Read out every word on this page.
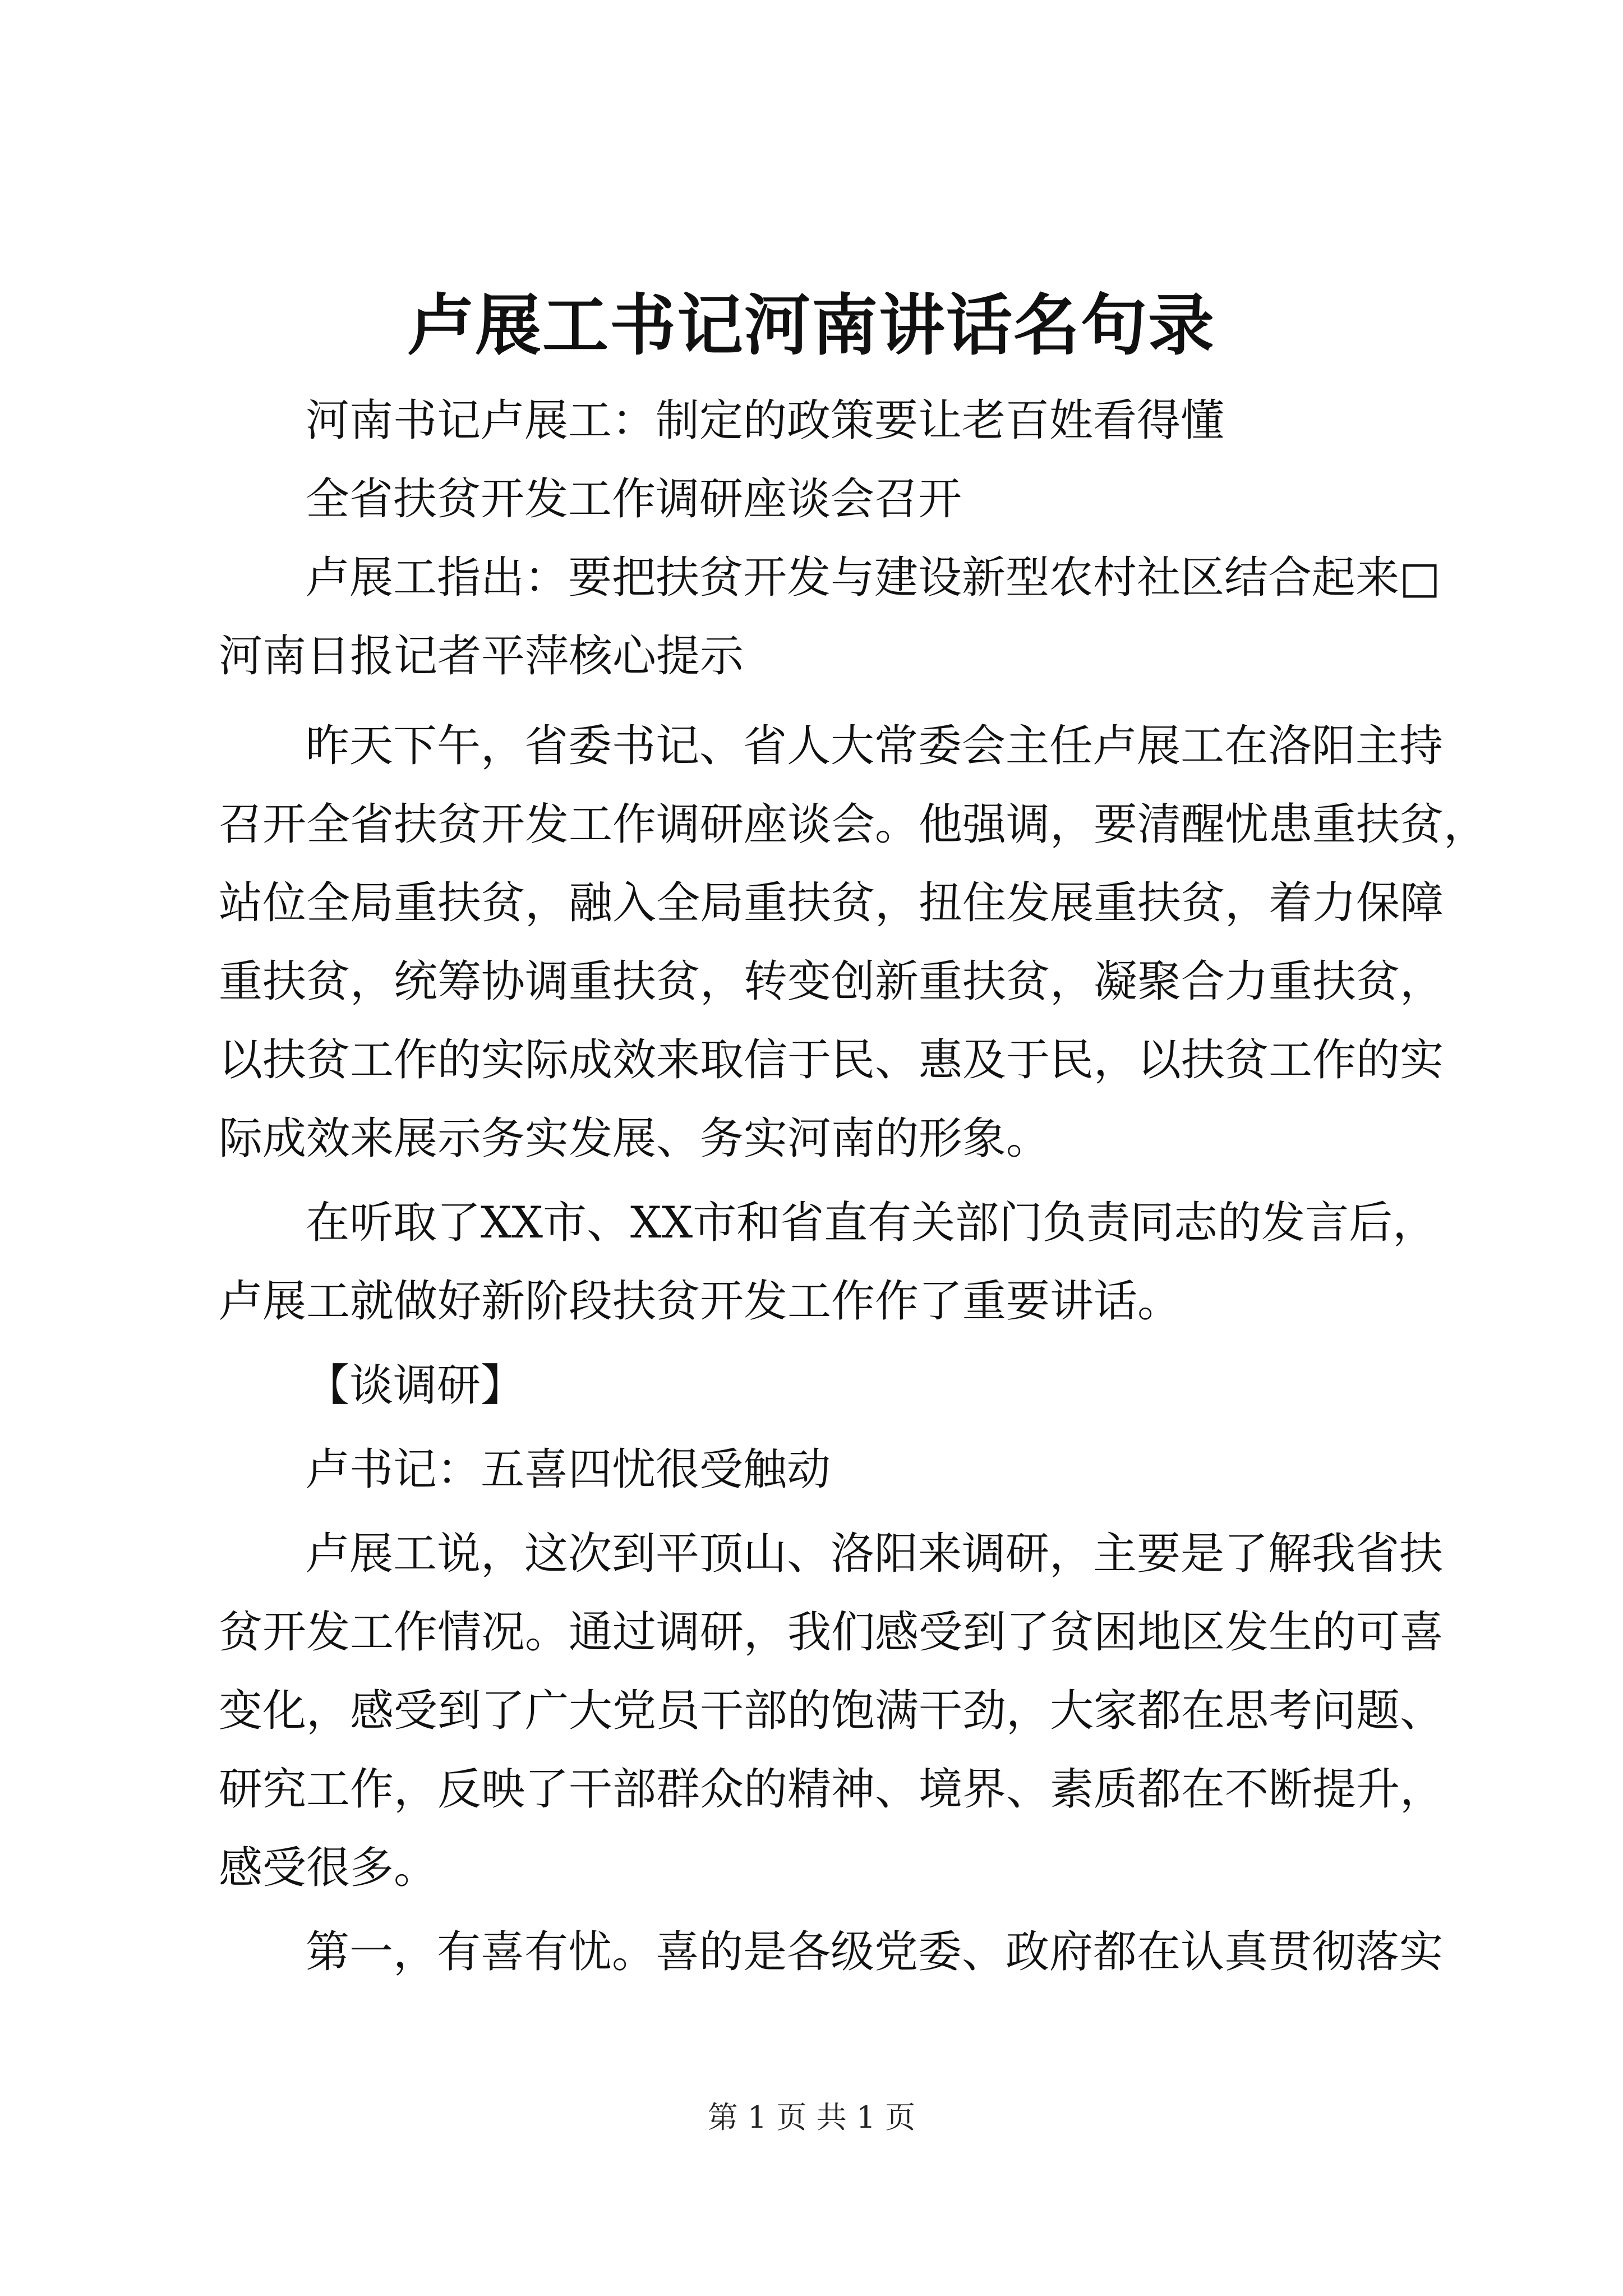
卢展工书记河南讲话名句录

河南书记卢展工：制定的政策要让老百姓看得懂

全省扶贫开发工作调研座谈会召开

卢展工指出：要把扶贫开发与建设新型农村社区结合起来□

河南日报记者平萍核心提示

昨天下午，省委书记、省人大常委会主任卢展工在洛阳主持

召开全省扶贫开发工作调研座谈会。他强调，要清醒忧患重扶贫，

站位全局重扶贫，融入全局重扶贫，扭住发展重扶贫，着力保障

重扶贫，统筹协调重扶贫，转变创新重扶贫，凝聚合力重扶贫，

以扶贫工作的实际成效来取信于民、惠及于民，以扶贫工作的实

际成效来展示务实发展、务实河南的形象。

在听取了XX市、XX市和省直有关部门负责同志的发言后，

卢展工就做好新阶段扶贫开发工作作了重要讲话。

【谈调研】

卢书记：五喜四忧很受触动

卢展工说，这次到平顶山、洛阳来调研，主要是了解我省扶

贫开发工作情况。通过调研，我们感受到了贫困地区发生的可喜

变化，感受到了广大党员干部的饱满干劲，大家都在思考问题、

研究工作，反映了干部群众的精神、境界、素质都在不断提升，

感受很多。

第一，有喜有忧。喜的是各级党委、政府都在认真贯彻落实

第 1 页 共 1 页
